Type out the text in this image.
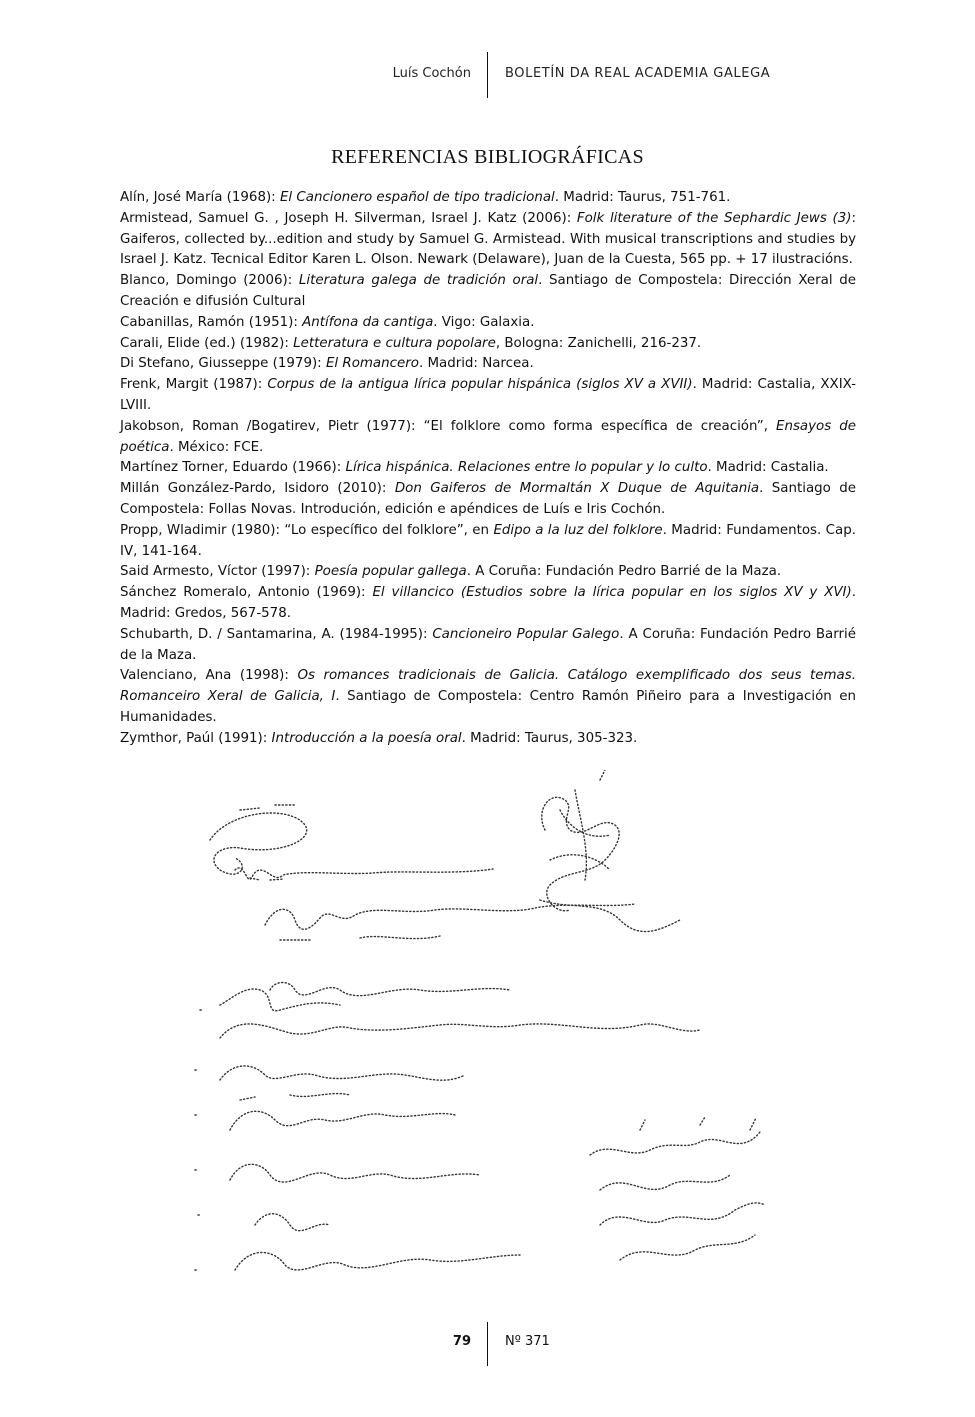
Luís Cochón	BOLETÍN DA REAL ACADEMIA GALEGA
REFERENCIAS BIBLIOGRÁFICAS

Alín, José María (1968): El Cancionero español de tipo tradicional. Madrid: Taurus, 751-761.

Armistead, Samuel G. , Joseph H. Silverman, Israel J. Katz (2006): Folk literature of the Sephardic Jews (3): Gaiferos, collected by...edition and study by Samuel G. Armistead. With musical transcriptions and studies by Israel J. Katz. Tecnical Editor Karen L. Olson. Newark (Delaware), Juan de la Cuesta, 565 pp. + 17 ilustracións.

Blanco, Domingo (2006): Literatura galega de tradición oral. Santiago de Compostela: Dirección Xeral de Creación e difusión Cultural

Cabanillas, Ramón (1951): Antífona da cantiga. Vigo: Galaxia.

Carali, Elide (ed.) (1982): Letteratura e cultura popolare, Bologna: Zanichelli, 216-237.

Di Stefano, Giusseppe (1979): El Romancero. Madrid: Narcea.

Frenk, Margit (1987): Corpus de la antigua lírica popular hispánica (siglos XV a XVII). Madrid: Castalia, XXIX-LVIII.

Jakobson, Roman /Bogatirev, Pietr (1977): “El folklore como forma específica de creación”, Ensayos de poética. México: FCE.

Martínez Torner, Eduardo (1966): Lírica hispánica. Relaciones entre lo popular y lo culto. Madrid: Castalia.

Millán González-Pardo, Isidoro (2010): Don Gaiferos de Mormaltán X Duque de Aquitania. Santiago de Compostela: Follas Novas. Introdución, edición e apéndices de Luís e Iris Cochón.

Propp, Wladimir (1980): “Lo específico del folklore”, en Edipo a la luz del folklore. Madrid: Fundamentos. Cap. IV, 141-164.

Said Armesto, Víctor (1997): Poesía popular gallega. A Coruña: Fundación Pedro Barrié de la Maza.

Sánchez Romeralo, Antonio (1969): El villancico (Estudios sobre la lírica popular en los siglos XV y XVI). Madrid: Gredos, 567-578.

Schubarth, D. / Santamarina, A. (1984-1995): Cancioneiro Popular Galego. A Coruña: Fundación Pedro Barrié de la Maza.

Valenciano, Ana (1998): Os romances tradicionais de Galicia. Catálogo exemplificado dos seus temas. Romanceiro Xeral de Galicia, I. Santiago de Compostela: Centro Ramón Piñeiro para a Investigación en Humanidades.

Zymthor, Paúl (1991): Introducción a la poesía oral. Madrid: Taurus, 305-323.

79	Nº 371
